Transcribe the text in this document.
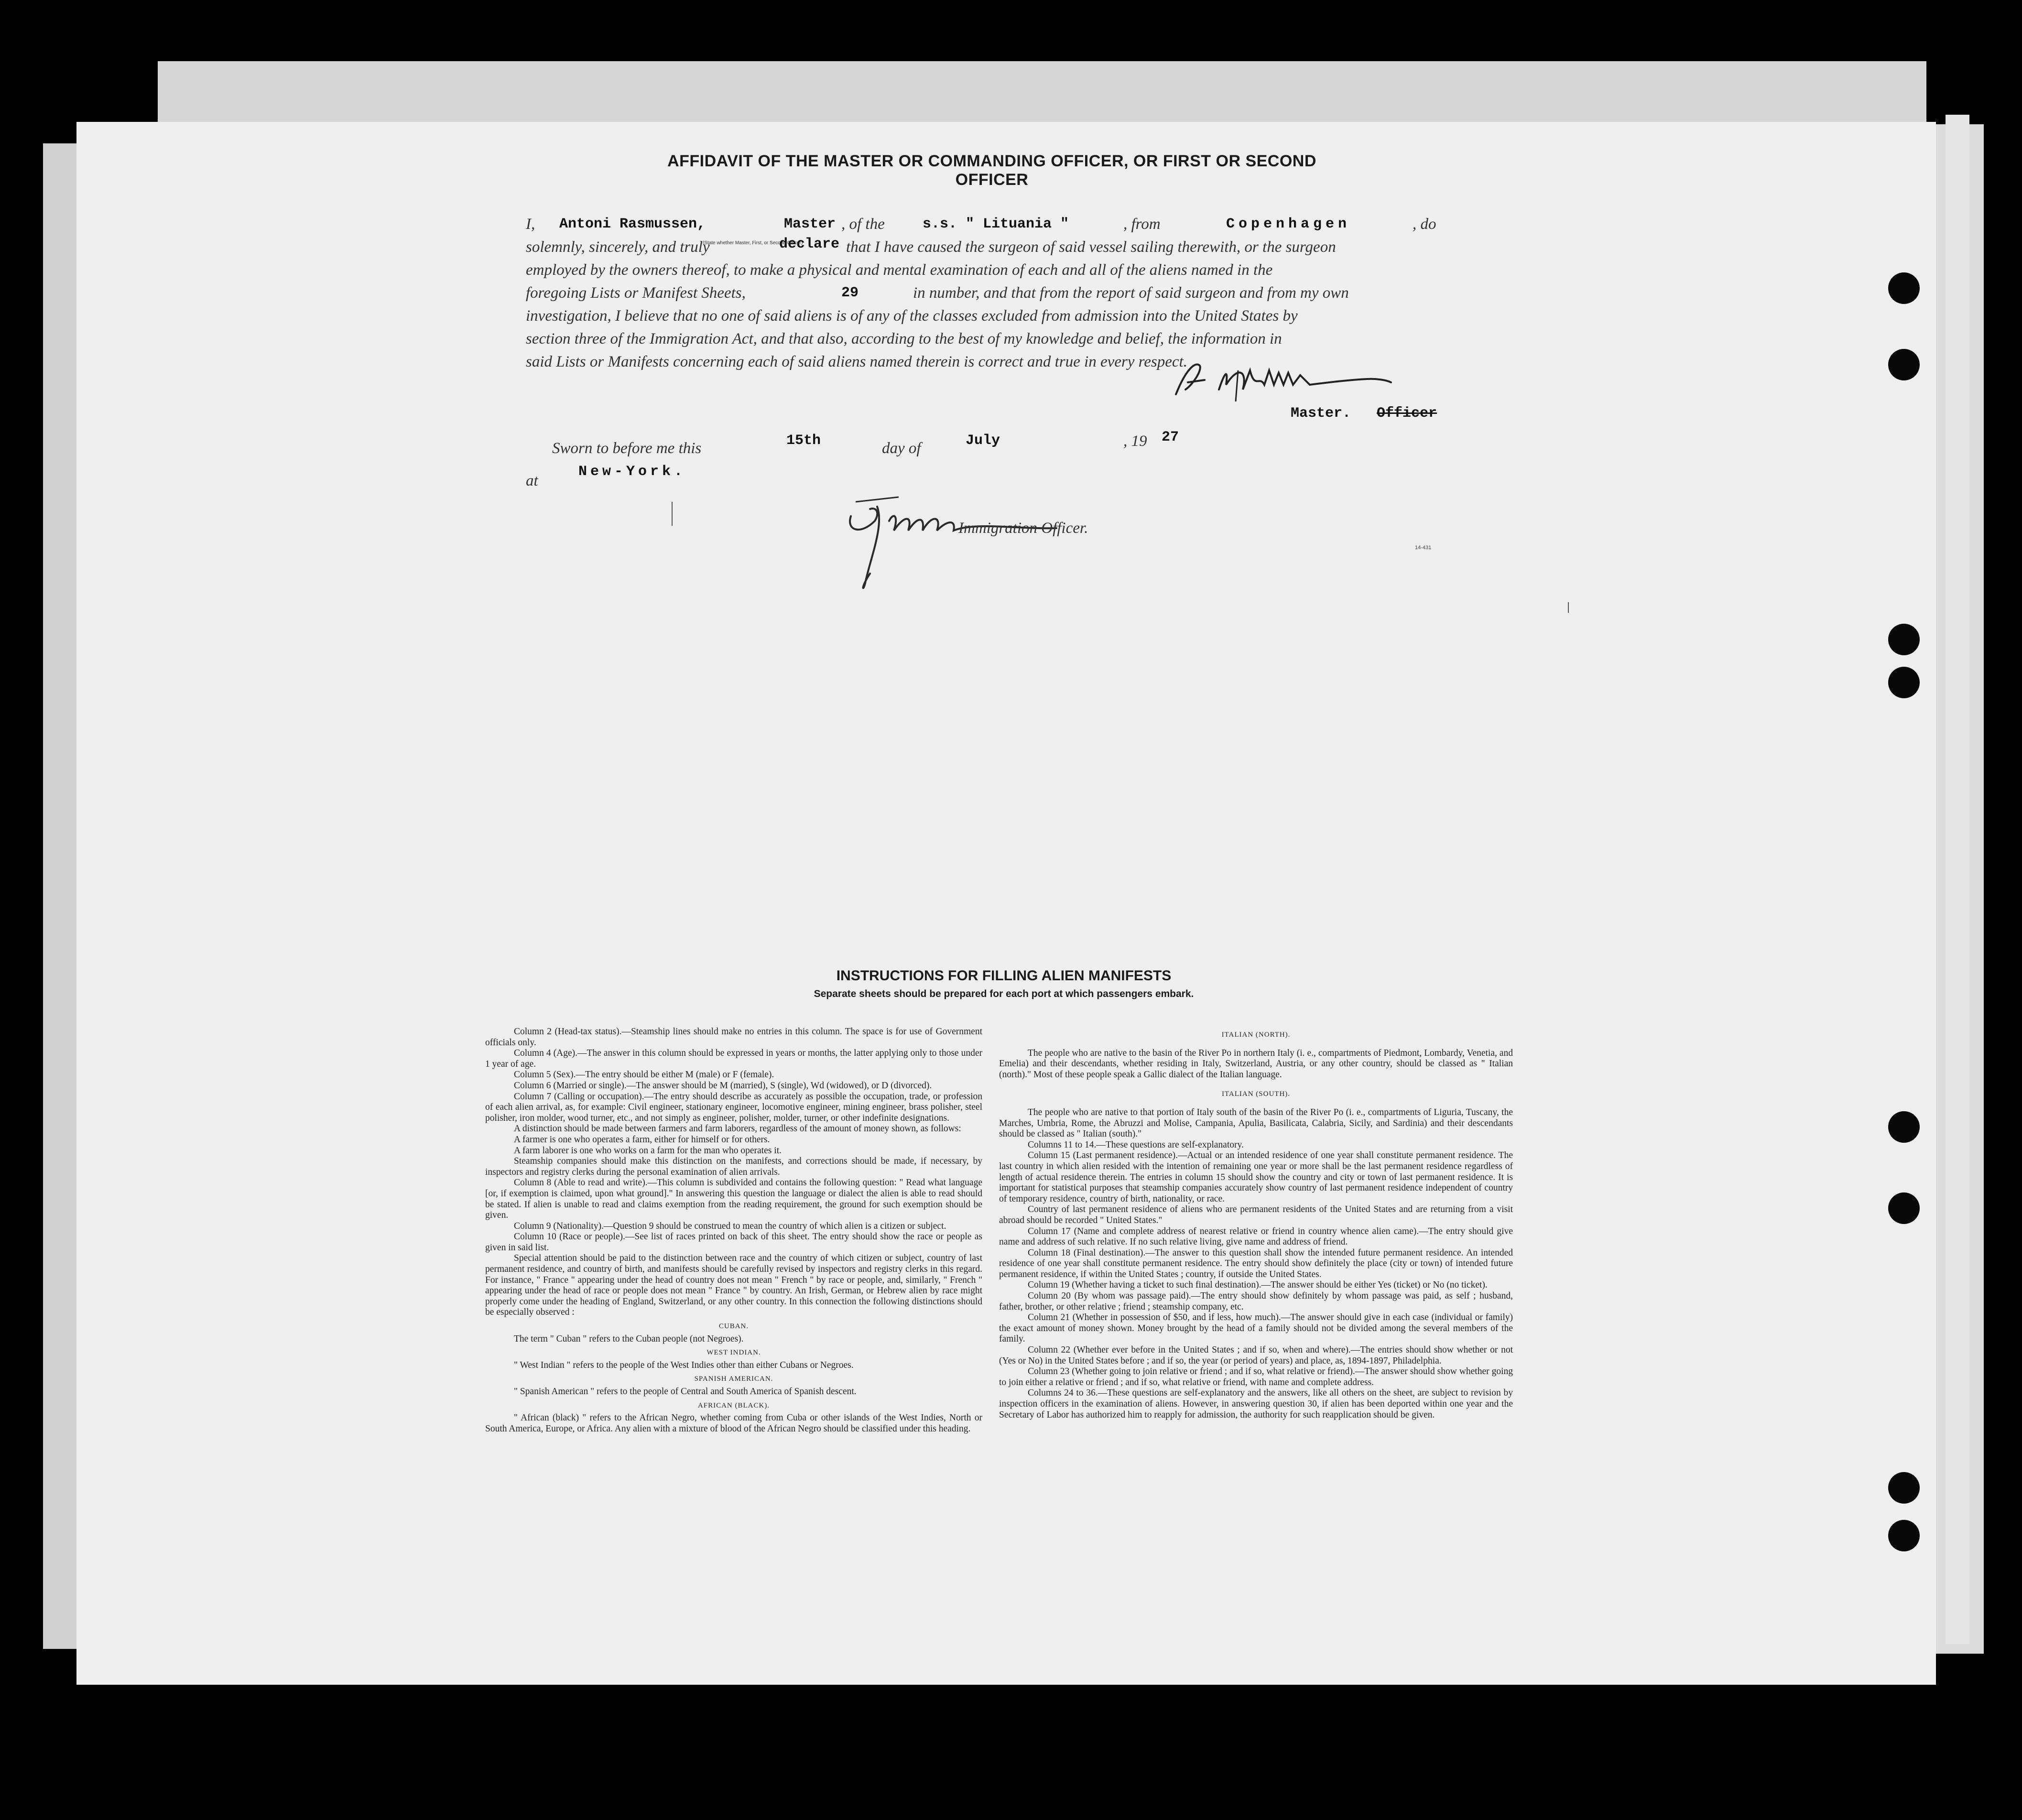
AFFIDAVIT OF THE MASTER OR COMMANDING OFFICER, OR FIRST OR SECOND OFFICER
I, Antoni Rasmussen,	Master , of the	s.s. " Lituania "	, from	Copenhagen	, do
solemnly, sincerely, and truly
(State whether Master, First, or Second Officer)
declare that I have caused the surgeon of said vessel sailing therewith, or the surgeon
employed by the owners thereof, to make a physical and mental examination of each and all of the aliens named in the
foregoing Lists or Manifest Sheets,	29	in number, and that from the report of said surgeon and from my own
investigation, I believe that no one of said aliens is of any of the classes excluded from admission into the United States by
section three of the Immigration Act, and that also, according to the best of my knowledge and belief, the information in
said Lists or Manifests concerning each of said aliens named therein is correct and true in every respect.
Master. Officer
Sworn to before me this	15th	day of	July	, 19 27
at
New-York.
Immigration Officer.
14-431
INSTRUCTIONS FOR FILLING ALIEN MANIFESTS
Separate sheets should be prepared for each port at which passengers embark.

Column 2 (Head-tax status).—Steamship lines should make no entries in this column. The space is for use of Government officials only.

Column 4 (Age).—The answer in this column should be expressed in years or months, the latter applying only to those under 1 year of age.

Column 5 (Sex).—The entry should be either M (male) or F (female).

Column 6 (Married or single).—The answer should be M (married), S (single), Wd (widowed), or D (divorced).

Column 7 (Calling or occupation).—The entry should describe as accurately as possible the occupation, trade, or profession of each alien arrival, as, for example: Civil engineer, stationary engineer, locomotive engineer, mining engineer, brass polisher, steel polisher, iron molder, wood turner, etc., and not simply as engineer, polisher, molder, turner, or other indefinite designations.

A distinction should be made between farmers and farm laborers, regardless of the amount of money shown, as follows:

A farmer is one who operates a farm, either for himself or for others.

A farm laborer is one who works on a farm for the man who operates it.

Steamship companies should make this distinction on the manifests, and corrections should be made, if necessary, by inspectors and registry clerks during the personal examination of alien arrivals.

Column 8 (Able to read and write).—This column is subdivided and contains the following question: " Read what language [or, if exemption is claimed, upon what ground]." In answering this question the language or dialect the alien is able to read should be stated. If alien is unable to read and claims exemption from the reading requirement, the ground for such exemption should be given.

Column 9 (Nationality).—Question 9 should be construed to mean the country of which alien is a citizen or subject.

Column 10 (Race or people).—See list of races printed on back of this sheet. The entry should show the race or people as given in said list.

Special attention should be paid to the distinction between race and the country of which citizen or subject, country of last permanent residence, and country of birth, and manifests should be carefully revised by inspectors and registry clerks in this regard. For instance, " France " appearing under the head of country does not mean " French " by race or people, and, similarly, " French " appearing under the head of race or people does not mean " France " by country. An Irish, German, or Hebrew alien by race might properly come under the heading of England, Switzerland, or any other country. In this connection the following distinctions should be especially observed :

CUBAN.

The term " Cuban " refers to the Cuban people (not Negroes).

WEST INDIAN.

" West Indian " refers to the people of the West Indies other than either Cubans or Negroes.

SPANISH AMERICAN.

" Spanish American " refers to the people of Central and South America of Spanish descent.

AFRICAN (BLACK).

" African (black) " refers to the African Negro, whether coming from Cuba or other islands of the West Indies, North or South America, Europe, or Africa. Any alien with a mixture of blood of the African Negro should be classified under this heading.

ITALIAN (NORTH).

The people who are native to the basin of the River Po in northern Italy (i. e., compartments of Piedmont, Lombardy, Venetia, and Emelia) and their descendants, whether residing in Italy, Switzerland, Austria, or any other country, should be classed as " Italian (north)." Most of these people speak a Gallic dialect of the Italian language.

ITALIAN (SOUTH).

The people who are native to that portion of Italy south of the basin of the River Po (i. e., compartments of Liguria, Tuscany, the Marches, Umbria, Rome, the Abruzzi and Molise, Campania, Apulia, Basilicata, Calabria, Sicily, and Sardinia) and their descendants should be classed as " Italian (south)."

Columns 11 to 14.—These questions are self-explanatory.

Column 15 (Last permanent residence).—Actual or an intended residence of one year shall constitute permanent residence. The last country in which alien resided with the intention of remaining one year or more shall be the last permanent residence regardless of length of actual residence therein. The entries in column 15 should show the country and city or town of last permanent residence. It is important for statistical purposes that steamship companies accurately show country of last permanent residence independent of country of temporary residence, country of birth, nationality, or race.

Country of last permanent residence of aliens who are permanent residents of the United States and are returning from a visit abroad should be recorded " United States."

Column 17 (Name and complete address of nearest relative or friend in country whence alien came).—The entry should give name and address of such relative. If no such relative living, give name and address of friend.

Column 18 (Final destination).—The answer to this question shall show the intended future permanent residence. An intended residence of one year shall constitute permanent residence. The entry should show definitely the place (city or town) of intended future permanent residence, if within the United States ; country, if outside the United States.

Column 19 (Whether having a ticket to such final destination).—The answer should be either Yes (ticket) or No (no ticket).

Column 20 (By whom was passage paid).—The entry should show definitely by whom passage was paid, as self ; husband, father, brother, or other relative ; friend ; steamship company, etc.

Column 21 (Whether in possession of $50, and if less, how much).—The answer should give in each case (individual or family) the exact amount of money shown. Money brought by the head of a family should not be divided among the several members of the family.

Column 22 (Whether ever before in the United States ; and if so, when and where).—The entries should show whether or not (Yes or No) in the United States before ; and if so, the year (or period of years) and place, as, 1894-1897, Philadelphia.

Column 23 (Whether going to join relative or friend ; and if so, what relative or friend).—The answer should show whether going to join either a relative or friend ; and if so, what relative or friend, with name and complete address.

Columns 24 to 36.—These questions are self-explanatory and the answers, like all others on the sheet, are subject to revision by inspection officers in the examination of aliens. However, in answering question 30, if alien has been deported within one year and the Secretary of Labor has authorized him to reapply for admission, the authority for such reapplication should be given.
